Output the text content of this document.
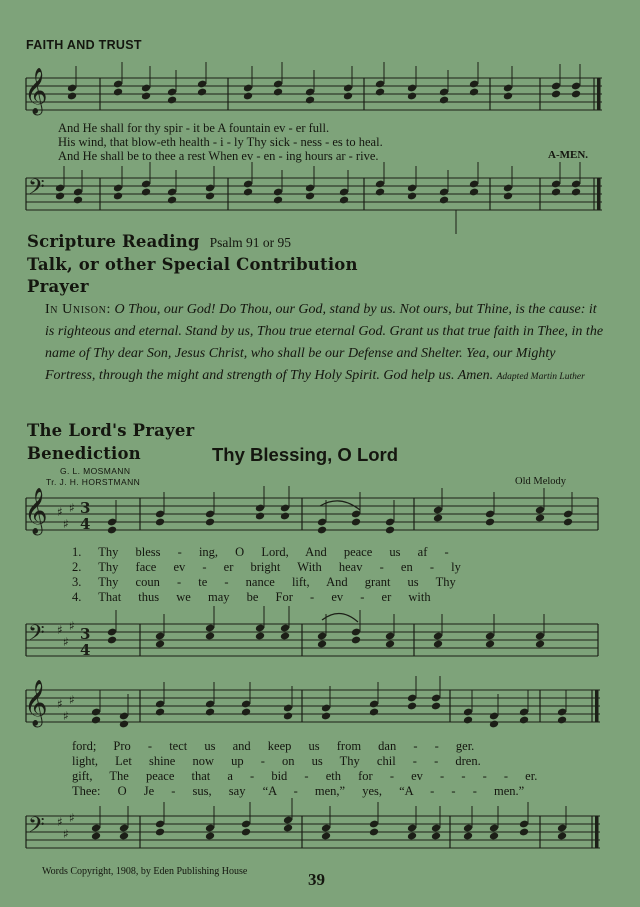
𝄞
𝄢
𝄞 ♯
♯
♯ 3
4
𝄢 ♯
♯
♯ 3
4
𝄞 ♯
♯
♯
𝄢 ♯
♯
♯
FAITH AND TRUST
And He shall for thy spir - it be A fountain ev - er full.
His wind, that blow-eth health - i - ly Thy sick - ness - es to heal.
And He shall be to thee a rest When ev - en - ing hours ar - rive.	A-MEN.
Scripture Reading Psalm 91 or 95
Talk, or other Special Contribution
Prayer
In Unison: O Thou, our God! Do Thou, our God, stand by us. Not ours, but Thine, is the cause: it is righteous and eternal. Stand by us, Thou true eternal God. Grant us that true faith in Thee, in the name of Thy dear Son, Jesus Christ, who shall be our Defense and Shelter. Yea, our Mighty Fortress, through the might and strength of Thy Holy Spirit. God help us. Amen. Adapted Martin Luther
The Lord's Prayer
Benediction	Thy Blessing, O Lord
G. L. MOSMANN
Tr. J. H. HORSTMANN	Old Melody
1. Thy bless - ing, O Lord, And peace us af -
2. Thy face ev - er bright With heav - en - ly
3. Thy coun - te - nance lift, And grant us Thy
4. That thus we may be For - ev - er with
ford; Pro - tect us and keep us from dan - - ger.
light, Let shine now up - on us Thy chil - - dren.
gift, The peace that a - bid - eth for - ev - - - - er.
Thee: O Je - sus, say “A - men,” yes, “A - - - men.”
Words Copyright, 1908, by Eden Publishing House	39
